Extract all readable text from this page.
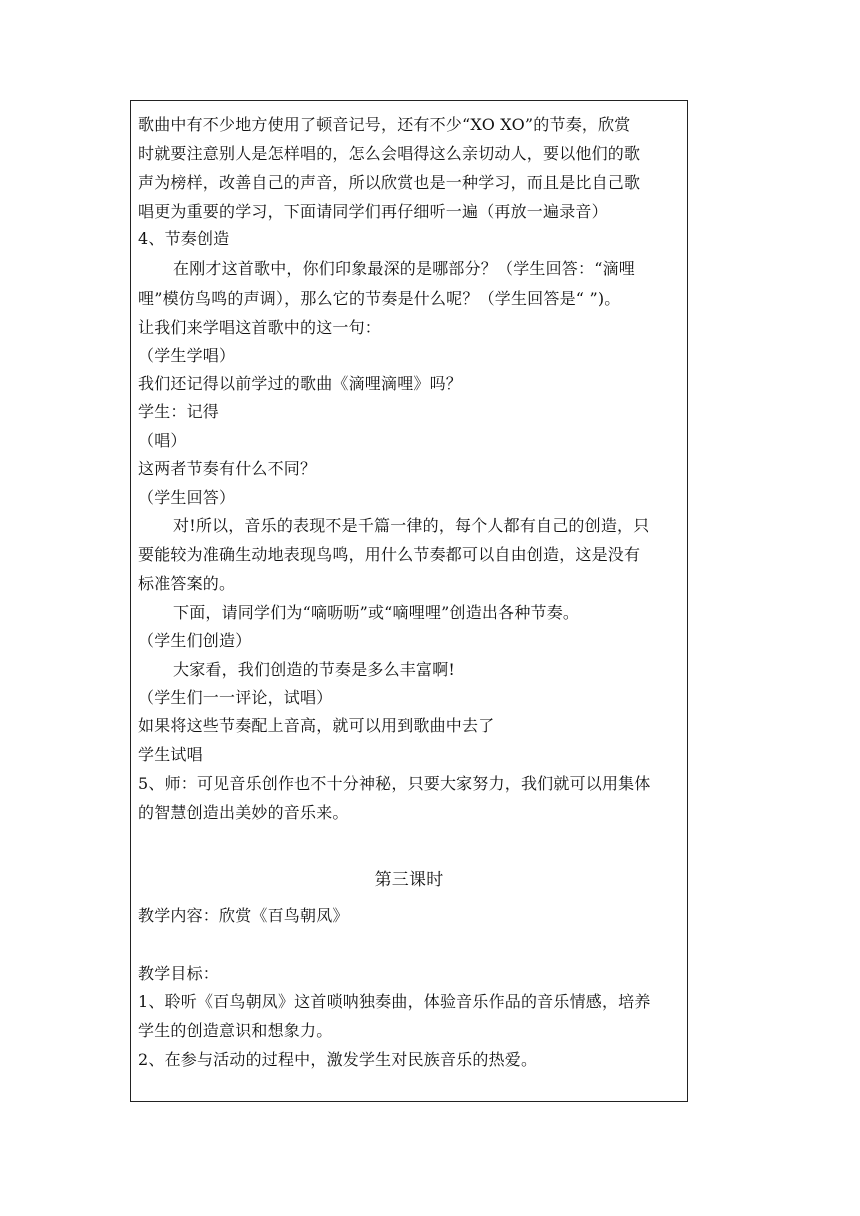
歌曲中有不少地方使用了顿音记号，还有不少“XO XO”的节奏，欣赏
时就要注意别人是怎样唱的，怎么会唱得这么亲切动人，要以他们的歌
声为榜样，改善自己的声音，所以欣赏也是一种学习，而且是比自己歌
唱更为重要的学习，下面请同学们再仔细听一遍（再放一遍录音）
4、节奏创造
在刚才这首歌中，你们印象最深的是哪部分？（学生回答：“滴哩
哩”模仿鸟鸣的声调），那么它的节奏是什么呢？（学生回答是“ ”)。
让我们来学唱这首歌中的这一句：
（学生学唱）
我们还记得以前学过的歌曲《滴哩滴哩》吗？
学生：记得
（唱）
这两者节奏有什么不同？
（学生回答）
对!所以，音乐的表现不是千篇一律的，每个人都有自己的创造，只
要能较为准确生动地表现鸟鸣，用什么节奏都可以自由创造，这是没有
标准答案的。
下面，请同学们为“嘀呖呖”或“嘀哩哩”创造出各种节奏。
（学生们创造）
大家看，我们创造的节奏是多么丰富啊!
（学生们一一评论，试唱）
如果将这些节奏配上音高，就可以用到歌曲中去了
学生试唱
5、师：可见音乐创作也不十分神秘，只要大家努力，我们就可以用集体
的智慧创造出美妙的音乐来。
第三课时
教学内容：欣赏《百鸟朝凤》
教学目标：
1、聆听《百鸟朝凤》这首唢呐独奏曲，体验音乐作品的音乐情感，培养
学生的创造意识和想象力。
2、在参与活动的过程中，激发学生对民族音乐的热爱。
